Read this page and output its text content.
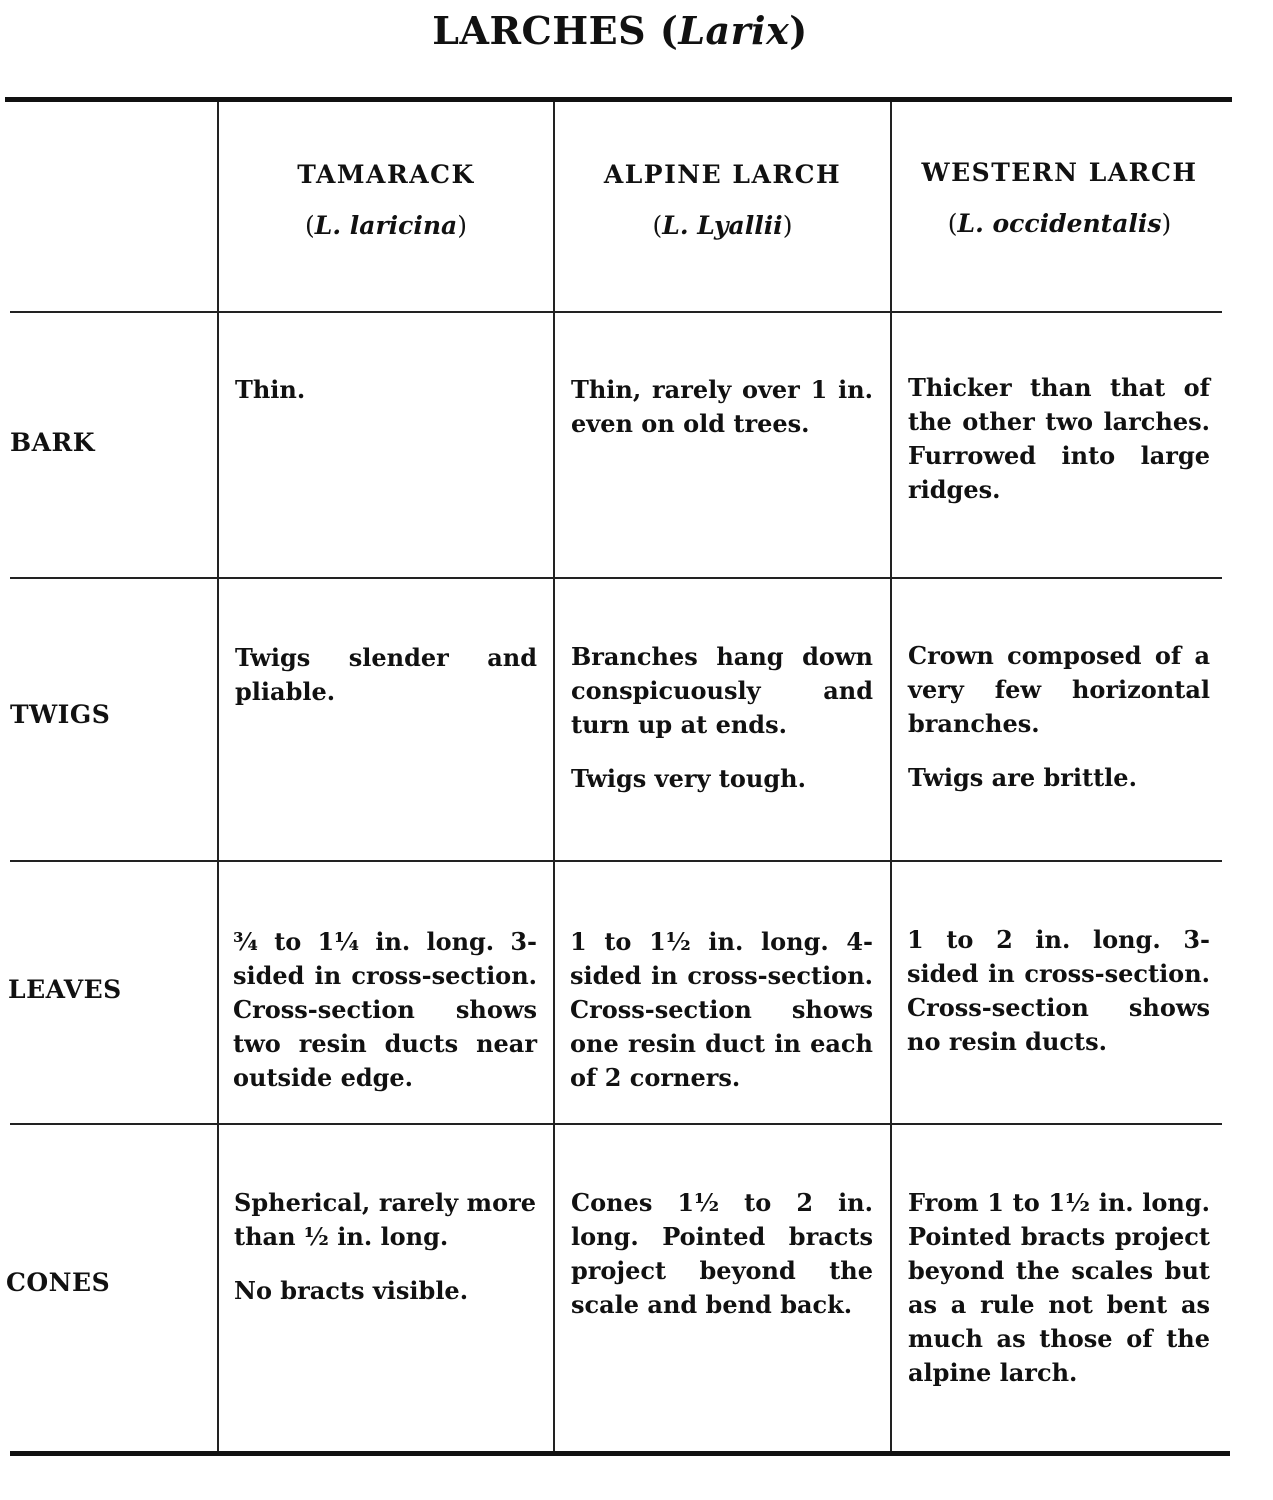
LARCHES (Larix)
TAMARACK
(L. laricina)
ALPINE LARCH
(L. Lyallii)
WESTERN LARCH
(L. occidentalis)
BARK
TWIGS
LEAVES
CONES

Thin.	Thin, rarely over 1 in. even on old trees.

Thicker than that of the other two larches. Furrowed into large ridges.

Twigs slender and pliable.

Branches hang down conspicuously and turn up at ends.

Twigs very tough.

Crown composed of a very few horizontal branches.

Twigs are brittle.

¾ to 1¼ in. long. 3-sided in cross-section. Cross-section shows two resin ducts near outside edge.

1 to 1½ in. long. 4-sided in cross-section. Cross-section shows one resin duct in each of 2 corners.

1 to 2 in. long. 3-sided in cross-section. Cross-section shows no resin ducts.

Spherical, rarely more than ½ in. long.

No bracts visible.

Cones 1½ to 2 in. long. Pointed bracts project beyond the scale and bend back.

From 1 to 1½ in. long. Pointed bracts project beyond the scales but as a rule not bent as much as those of the alpine larch.
